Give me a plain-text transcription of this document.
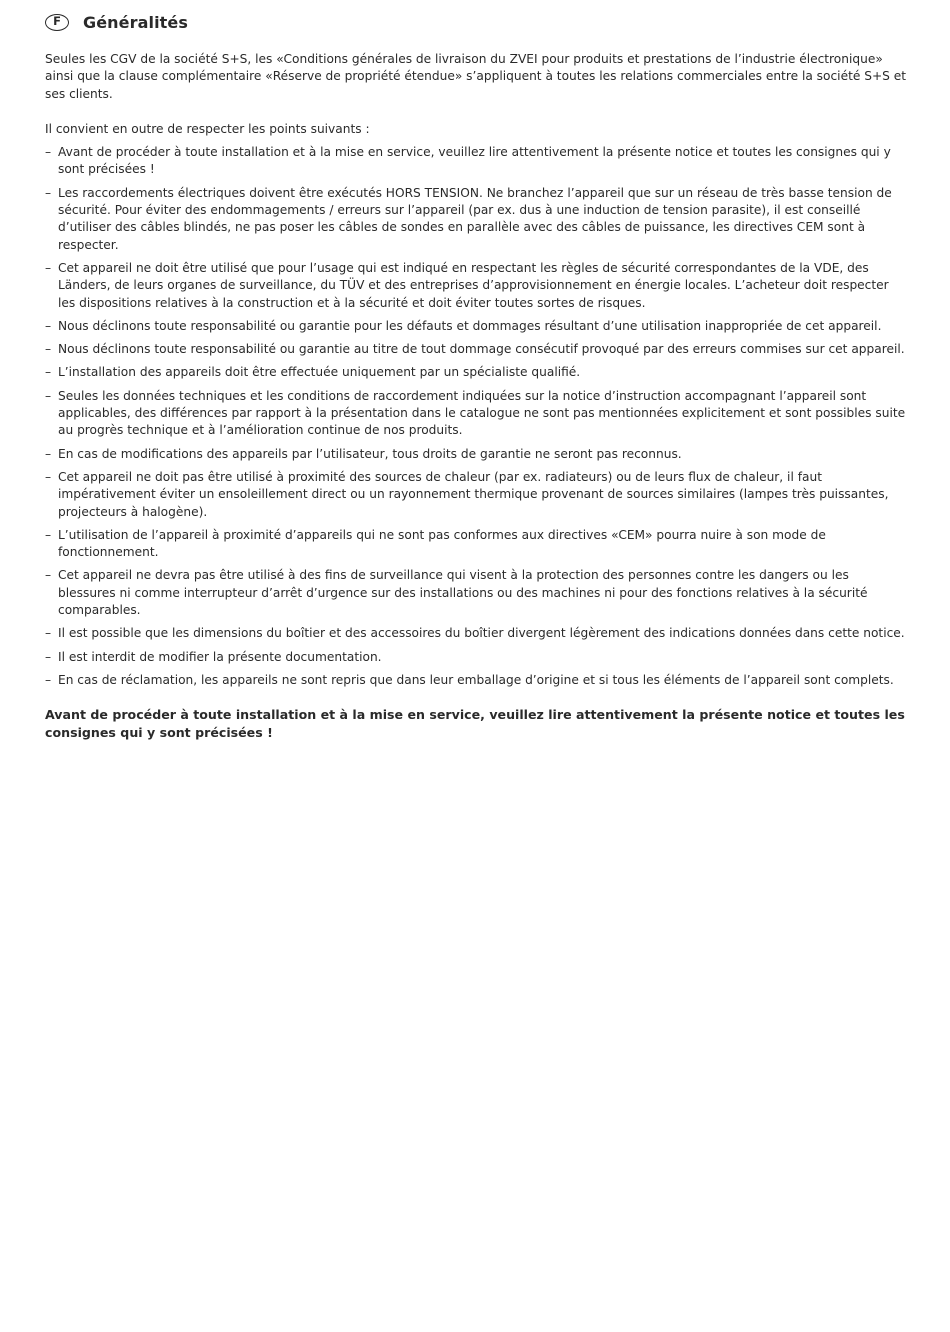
F	Généralités

Seules les CGV de la société S+S, les «Conditions générales de livraison du ZVEI pour produits et prestations de l’industrie électronique» ainsi que la clause complémentaire «Réserve de propriété étendue» s’appliquent à toutes les relations commerciales entre la société S+S et ses clients.

Il convient en outre de respecter les points suivants :

– Avant de procéder à toute installation et à la mise en service, veuillez lire attentivement la présente notice et toutes les consignes qui y sont précisées !
– Les raccordements électriques doivent être exécutés HORS TENSION. Ne branchez l’appareil que sur un réseau de très basse tension de sécurité. Pour éviter des endommagements / erreurs sur l’appareil (par ex. dus à une induction de tension parasite), il est conseillé d’utiliser des câbles blindés, ne pas poser les câbles de sondes en parallèle avec des câbles de puissance, les directives CEM sont à respecter.
– Cet appareil ne doit être utilisé que pour l’usage qui est indiqué en respectant les règles de sécurité correspondantes de la VDE, des Länders, de leurs organes de surveillance, du TÜV et des entreprises d’approvisionnement en énergie locales. L’acheteur doit respecter les dispositions relatives à la construction et à la sécurité et doit éviter toutes sortes de risques.
– Nous déclinons toute responsabilité ou garantie pour les défauts et dommages résultant d’une utilisation inappropriée de cet appareil.
– Nous déclinons toute responsabilité ou garantie au titre de tout dommage consécutif provoqué par des erreurs commises sur cet appareil.
– L’installation des appareils doit être effectuée uniquement par un spécialiste qualifié.
– Seules les données techniques et les conditions de raccordement indiquées sur la notice d’instruction accompagnant l’appareil sont applicables, des différences par rapport à la présentation dans le catalogue ne sont pas mentionnées explicitement et sont possibles suite au progrès technique et à l’amélioration continue de nos produits.
– En cas de modifications des appareils par l’utilisateur, tous droits de garantie ne seront pas reconnus.
– Cet appareil ne doit pas être utilisé à proximité des sources de chaleur (par ex. radiateurs) ou de leurs flux de chaleur, il faut impérativement éviter un ensoleillement direct ou un rayonnement thermique provenant de sources similaires (lampes très puissantes, projecteurs à halogène).
– L’utilisation de l’appareil à proximité d’appareils qui ne sont pas conformes aux directives «CEM» pourra nuire à son mode de fonctionnement.
– Cet appareil ne devra pas être utilisé à des fins de surveillance qui visent à la protection des personnes contre les dangers ou les blessures ni comme interrupteur d’arrêt d’urgence sur des installations ou des machines ni pour des fonctions relatives à la sécurité comparables.
– Il est possible que les dimensions du boîtier et des accessoires du boîtier divergent légèrement des indications données dans cette notice.
– Il est interdit de modifier la présente documentation.
– En cas de réclamation, les appareils ne sont repris que dans leur emballage d’origine et si tous les éléments de l’appareil sont complets.

Avant de procéder à toute installation et à la mise en service, veuillez lire attentivement la présente notice et toutes les consignes qui y sont précisées !
